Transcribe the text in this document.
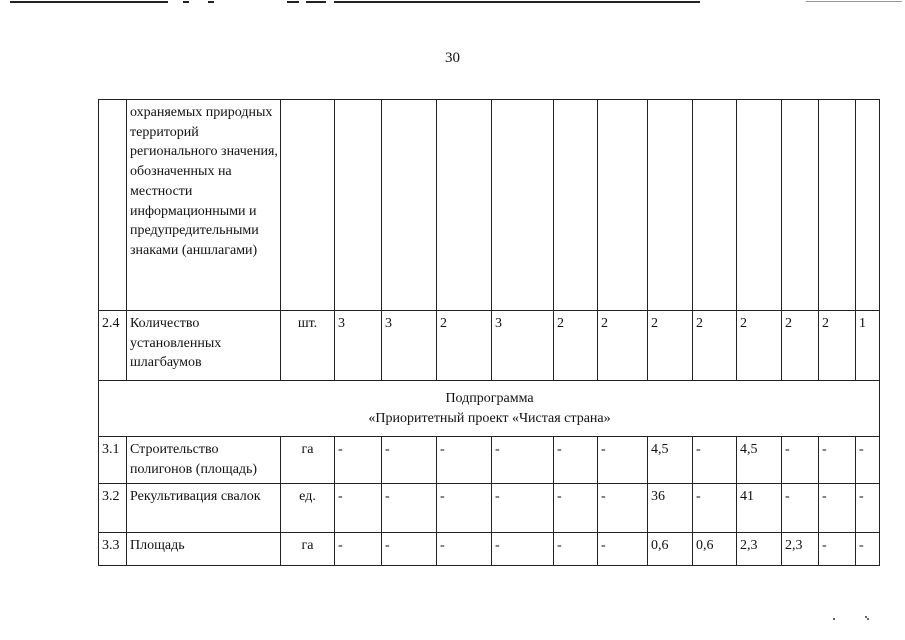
30
	охраняемых природных территорий регионального значения, обозначенных на местности информационными и предупредительными знаками (аншлагами)													
2.4	Количество установленных шлагбаумов	шт.	3	3	2	3	2	2	2	2	2	2	2	1

Подпрограмма
«Приоритетный проект «Чистая страна»														

3.1	Строительство полигонов (площадь)	га	-	-	-	-	-	-	4,5	-	4,5	-	-	-
3.2	Рекультивация свалок	ед.	-	-	-	-	-	-	36	-	41	-	-	-
3.3	Площадь	га	-	-	-	-	-	-	0,6	0,6	2,3	2,3	-	-
